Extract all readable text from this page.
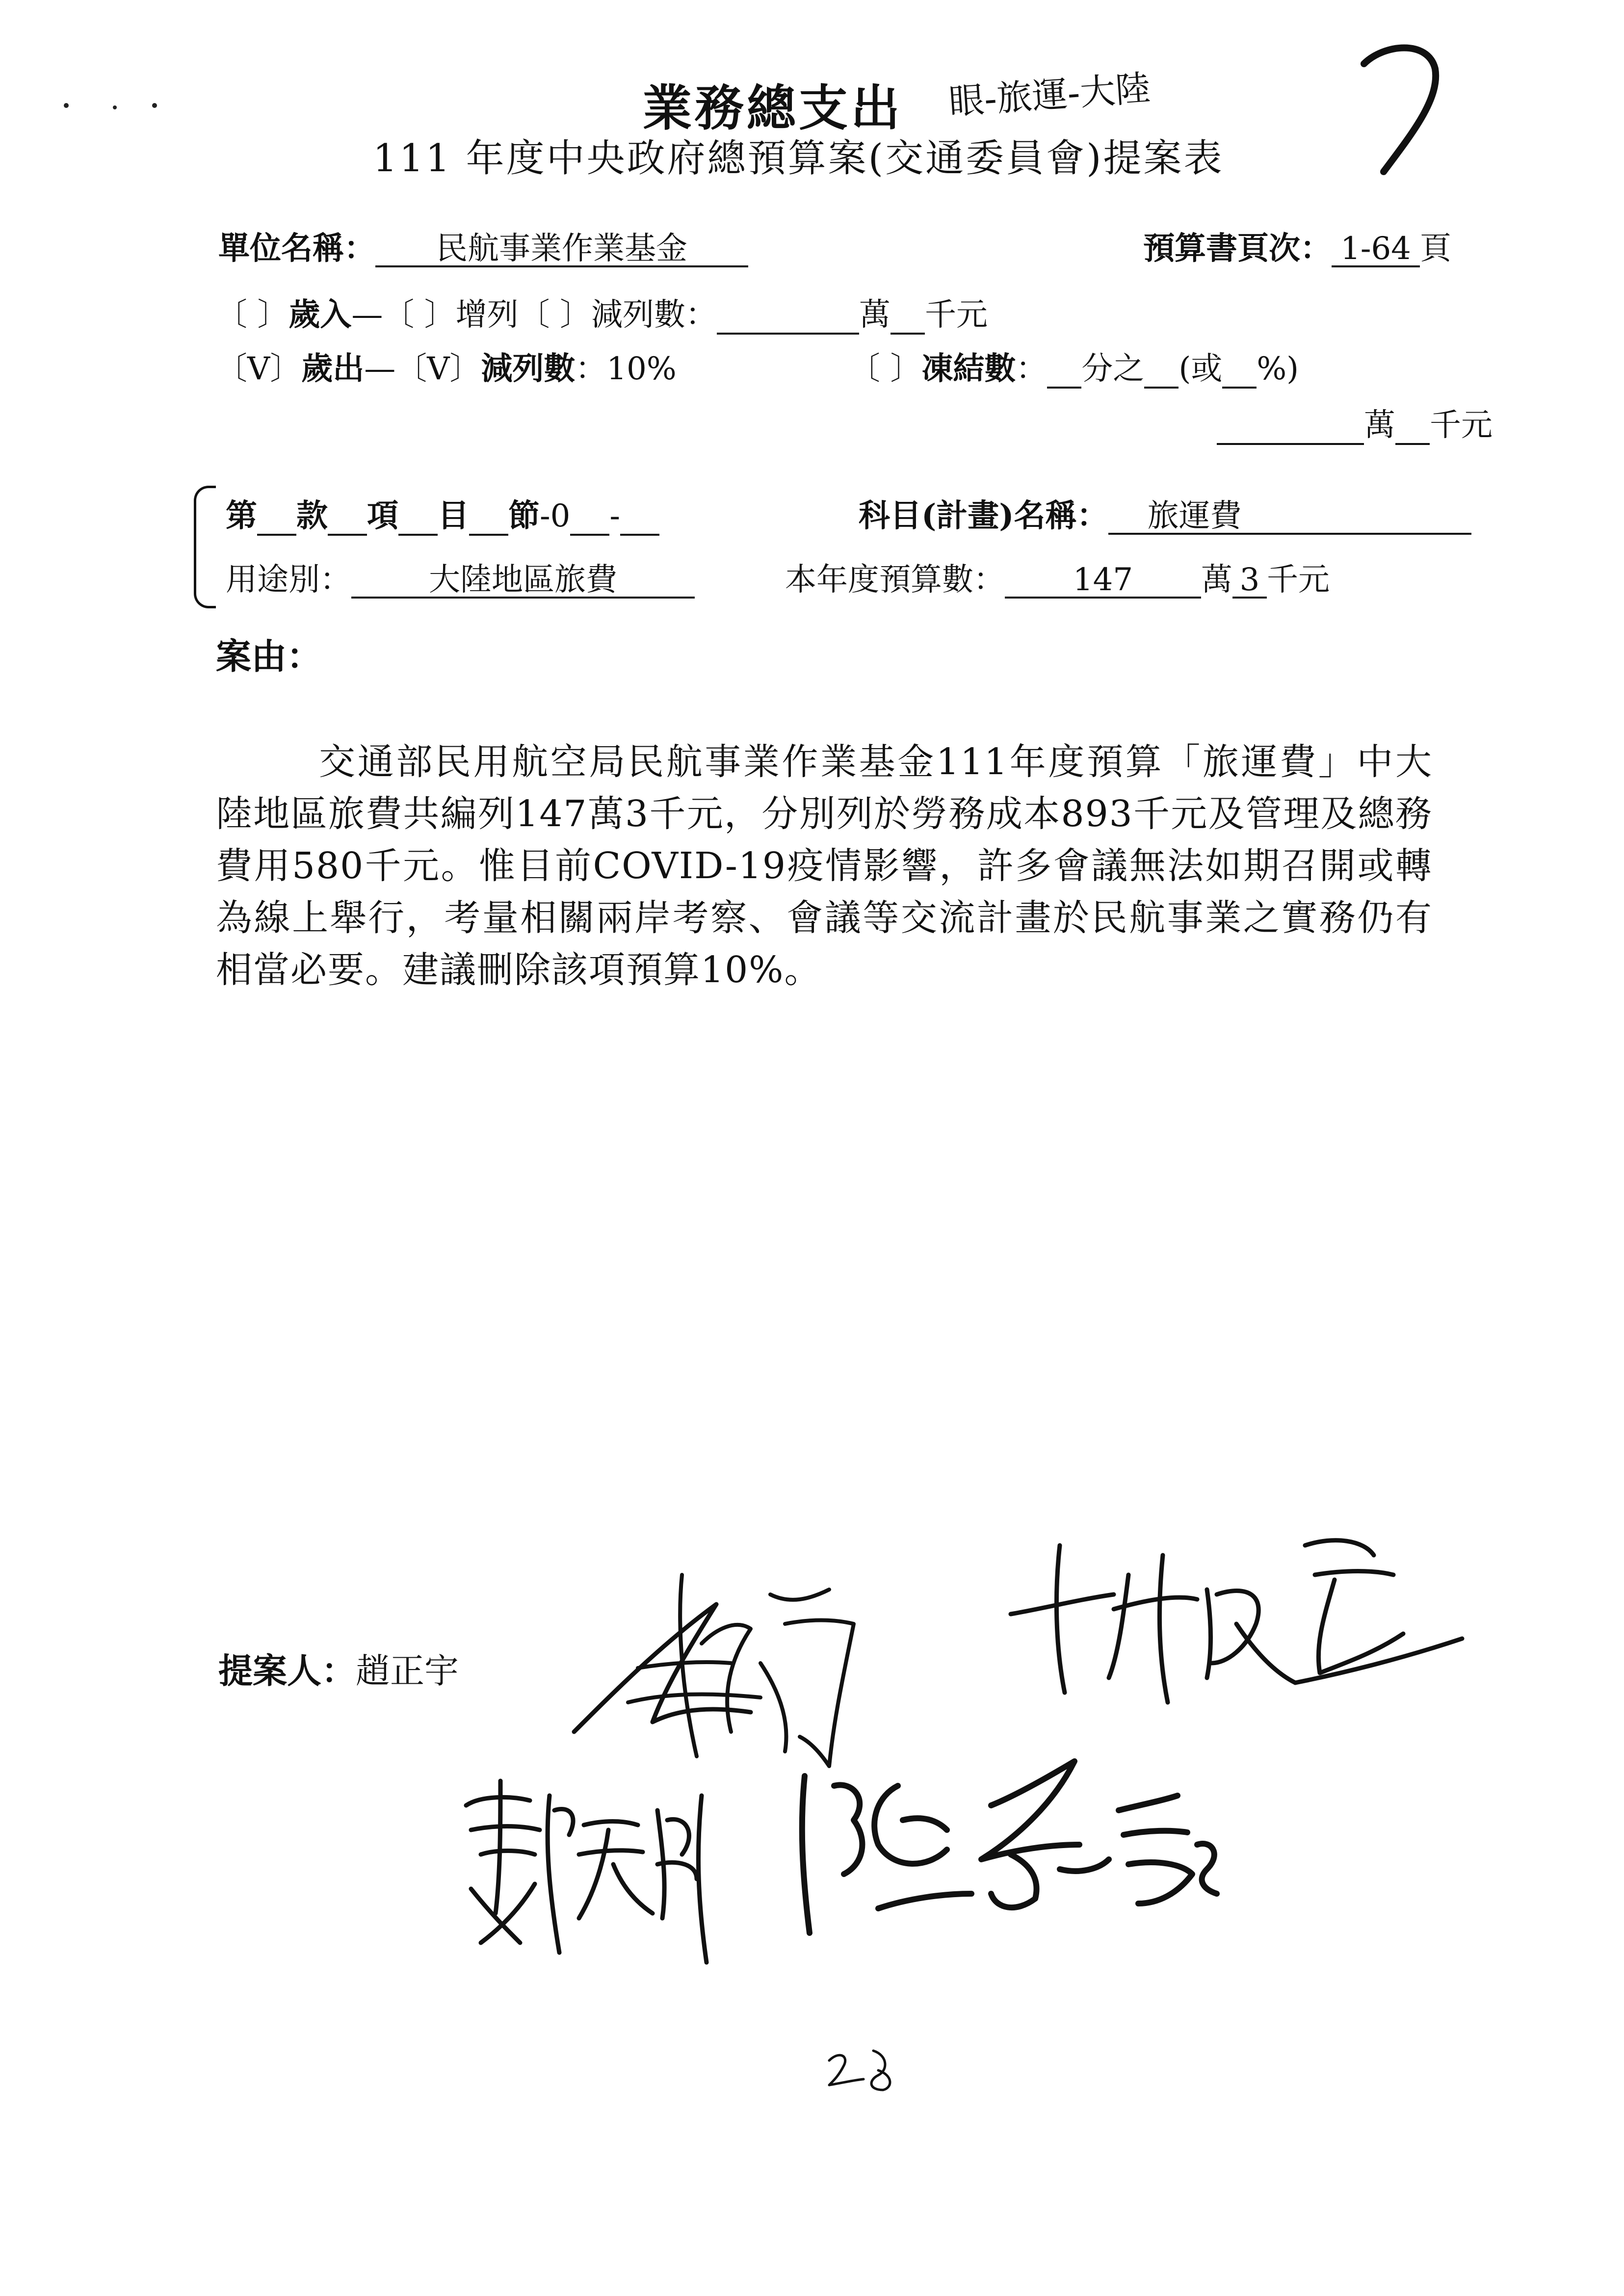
業務總支出 眼-旅運-大陸
111 年度中央政府總預算案(交通委員會)提案表
單位名稱： 民航事業作業基金	預算書頁次： 1-64 頁
〔 〕歲入—〔 〕增列〔 〕減列數：	萬 千元
〔V〕歲出—〔V〕減列數：10%	〔 〕凍結數： 分之 (或 %)
萬 千元
第 款 項 目 節-0 -	科目(計畫)名稱： 旅運費
用途別： 大陸地區旅費	本年度預算數： 147 萬 3 千元
案由：
交通部民用航空局民航事業作業基金111年度預算「旅運費」中大陸地區旅費共編列147萬3千元，分別列於勞務成本893千元及管理及總務費用580千元。惟目前COVID-19疫情影響，許多會議無法如期召開或轉為線上舉行，考量相關兩岸考察、會議等交流計畫於民航事業之實務仍有相當必要。建議刪除該項預算10%。
提案人：趙正宇
